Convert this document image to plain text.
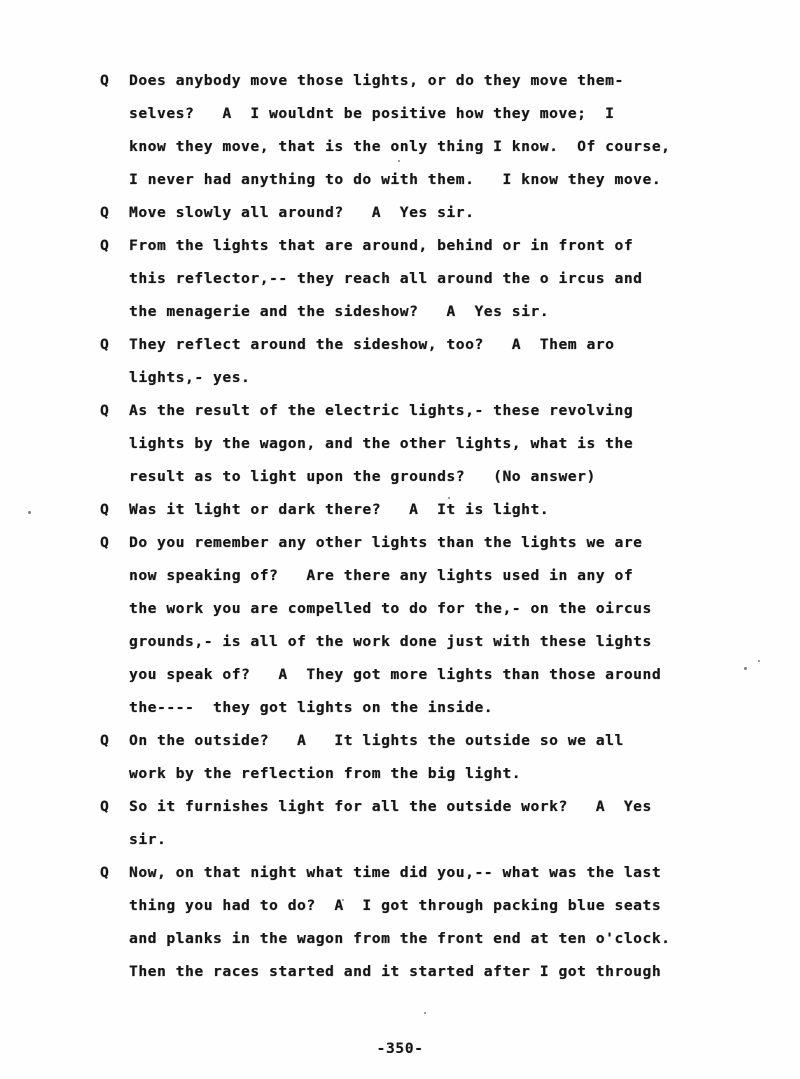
Q	Does anybody move those lights, or do they move them-
selves?   A  I wouldnt be positive how they move;  I
know they move, that is the only thing I know.  Of course,
I never had anything to do with them.   I know they move.
Q	Move slowly all around?   A  Yes sir.
Q	From the lights that are around, behind or in front of
this reflector,-- they reach all around the o ircus and
the menagerie and the sideshow?   A  Yes sir.
Q	They reflect around the sideshow, too?   A  Them aro
lights,- yes.
Q	As the result of the electric lights,- these revolving
lights by the wagon, and the other lights, what is the
result as to light upon the grounds?   (No answer)
Q	Was it light or dark there?   A  It is light.
Q	Do you remember any other lights than the lights we are
now speaking of?   Are there any lights used in any of
the work you are compelled to do for the,- on the oircus
grounds,- is all of the work done just with these lights
you speak of?   A  They got more lights than those around
the----  they got lights on the inside.
Q	On the outside?   A   It lights the outside so we all
work by the reflection from the big light.
Q	So it furnishes light for all the outside work?   A  Yes
sir.
Q	Now, on that night what time did you,-- what was the last
thing you had to do?  A  I got through packing blue seats
and planks in the wagon from the front end at ten o'clock.
Then the races started and it started after I got through
-350-
